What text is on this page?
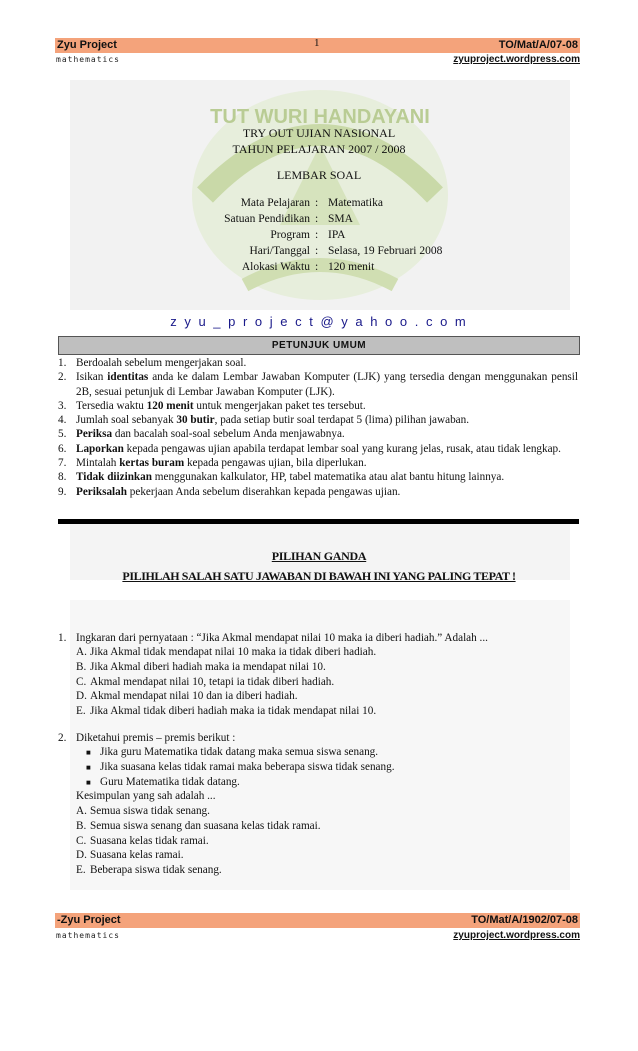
Zyu Project	1	TO/Mat/A/07-08
mathematics	zyuproject.wordpress.com
TUT WURI HANDAYANI
TRY OUT UJIAN NASIONAL
TAHUN PELAJARAN 2007 / 2008
LEMBAR SOAL
Mata Pelajaran : Matematika
Satuan Pendidikan : SMA
Program : IPA
Hari/Tanggal : Selasa, 19 Februari 2008
Alokasi Waktu : 120 menit
z y u _ p r o j e c t @ y a h o o . c o m
PETUNJUK UMUM
1. Berdoalah sebelum mengerjakan soal.
2. Isikan identitas anda ke dalam Lembar Jawaban Komputer (LJK) yang tersedia dengan menggunakan pensil 2B, sesuai petunjuk di Lembar Jawaban Komputer (LJK).
3. Tersedia waktu 120 menit untuk mengerjakan paket tes tersebut.
4. Jumlah soal sebanyak 30 butir, pada setiap butir soal terdapat 5 (lima) pilihan jawaban.
5. Periksa dan bacalah soal-soal sebelum Anda menjawabnya.
6. Laporkan kepada pengawas ujian apabila terdapat lembar soal yang kurang jelas, rusak, atau tidak lengkap.
7. Mintalah kertas buram kepada pengawas ujian, bila diperlukan.
8. Tidak diizinkan menggunakan kalkulator, HP, tabel matematika atau alat bantu hitung lainnya.
9. Periksalah pekerjaan Anda sebelum diserahkan kepada pengawas ujian.
PILIHAN GANDA
PILIHLAH SALAH SATU JAWABAN DI BAWAH INI YANG PALING TEPAT !
1. Ingkaran dari pernyataan : “Jika Akmal mendapat nilai 10 maka ia diberi hadiah.” Adalah ...
A. Jika Akmal tidak mendapat nilai 10 maka ia tidak diberi hadiah.
B. Jika Akmal diberi hadiah maka ia mendapat nilai 10.
C. Akmal mendapat nilai 10, tetapi ia tidak diberi hadiah.
D. Akmal mendapat nilai 10 dan ia diberi hadiah.
E. Jika Akmal tidak diberi hadiah maka ia tidak mendapat nilai 10.
2. Diketahui premis – premis berikut :
■ Jika guru Matematika tidak datang maka semua siswa senang.
■ Jika suasana kelas tidak ramai maka beberapa siswa tidak senang.
■ Guru Matematika tidak datang.
Kesimpulan yang sah adalah ...
A. Semua siswa tidak senang.
B. Semua siswa senang dan suasana kelas tidak ramai.
C. Suasana kelas tidak ramai.
D. Suasana kelas ramai.
E. Beberapa siswa tidak senang.
-Zyu Project	TO/Mat/A/1902/07-08
mathematics	zyuproject.wordpress.com
